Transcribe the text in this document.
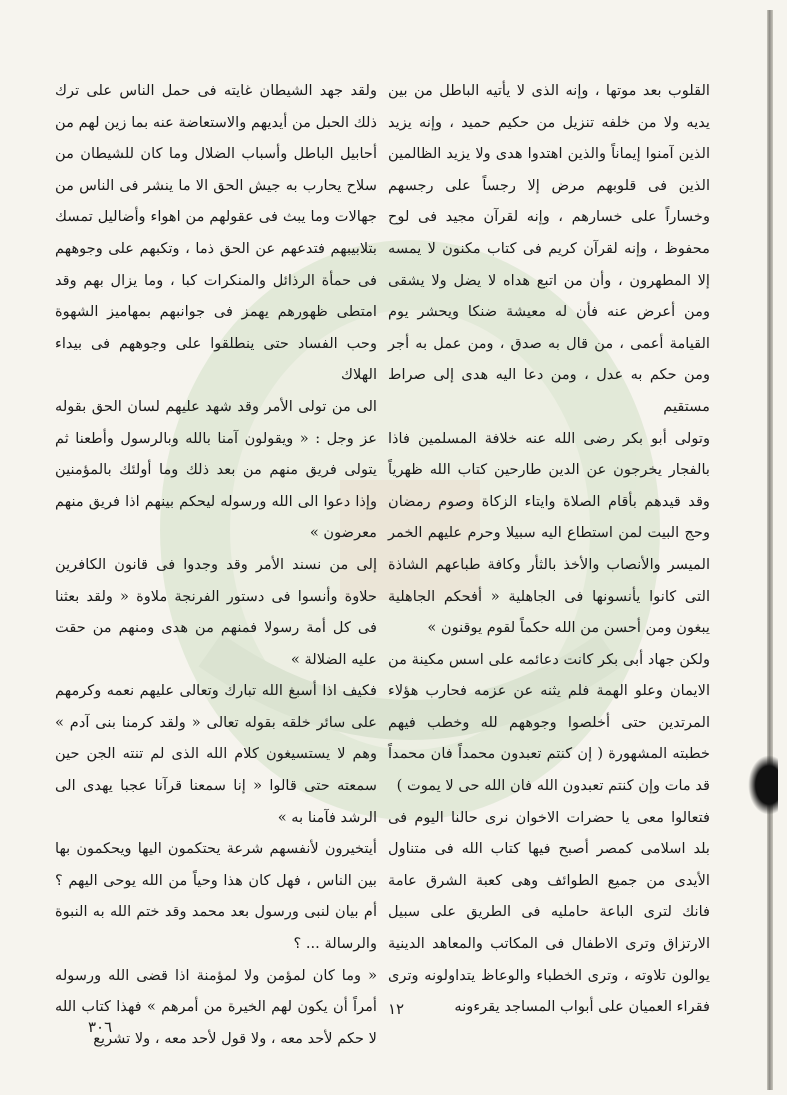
القلوب بعد موتها ، وإنه الذى لا يأتيه الباطل من بين يديه ولا من خلفه تنزيل من حكيم حميد ، وإنه يزيد الذين آمنوا إيماناً والذين اهتدوا هدى ولا يزيد الظالمين الذين فى قلوبهم مرض إلا رجساً على رجسهم وخساراً على خسارهم ، وإنه لقرآن مجيد فى لوح محفوظ ، وإنه لقرآن كريم فى كتاب مكنون لا يمسه إلا المطهرون ، وأن من اتبع هداه لا يضل ولا يشقى ومن أعرض عنه فأن له معيشة ضنكا ويحشر يوم القيامة أعمى ، من قال به صدق ، ومن عمل به أجر ومن حكم به عدل ، ومن دعا اليه هدى إلى صراط مستقيم

وتولى أبو بكر رضى الله عنه خلافة المسلمين فاذا بالفجار يخرجون عن الدين طارحين كتاب الله ظهرياً وقد قيدهم بأقام الصلاة وايتاء الزكاة وصوم رمضان وحج البيت لمن استطاع اليه سبيلا وحرم عليهم الخمر الميسر والأنصاب والأخذ بالثأر وكافة طباعهم الشاذة التى كانوا يأنسونها فى الجاهلية « أفحكم الجاهلية يبغون ومن أحسن من الله حكماً لقوم يوقنون »

ولكن جهاد أبى بكر كانت دعائمه على اسس مكينة من الايمان وعلو الهمة فلم يثنه عن عزمه فحارب هؤلاء المرتدين حتى أخلصوا وجوههم لله وخطب فيهم خطبته المشهورة ( إن كنتم تعبدون محمداً فان محمداً قد مات وإن كنتم تعبدون الله فان الله حى لا يموت )

فتعالوا معى يا حضرات الاخوان نرى حالنا اليوم فى بلد اسلامى كمصر أصبح فيها كتاب الله فى متناول الأيدى من جميع الطوائف وهى كعبة الشرق عامة فانك لترى الباعة حامليه فى الطريق على سبيل الارتزاق وترى الاطفال فى المكاتب والمعاهد الدينية يوالون تلاوته ، وترى الخطباء والوعاظ يتداولونه وترى فقراء العميان على أبواب المساجد يقرءونه

ولقد جهد الشيطان غايته فى حمل الناس على ترك ذلك الحبل من أيديهم والاستعاضة عنه بما زين لهم من أحابيل الباطل وأسباب الضلال وما كان للشيطان من سلاح يحارب به جيش الحق الا ما ينشر فى الناس من جهالات وما يبث فى عقولهم من اهواء وأضاليل تمسك بتلابيبهم فتدعهم عن الحق ذما ، وتكبهم على وجوههم فى حمأة الرذائل والمنكرات كبا ، وما يزال بهم وقد امتطى ظهورهم يهمز فى جوانبهم بمهاميز الشهوة وحب الفساد حتى ينطلقوا على وجوههم فى بيداء الهلاك

الى من تولى الأمر وقد شهد عليهم لسان الحق بقوله عز وجل : « ويقولون آمنا بالله وبالرسول وأطعنا ثم يتولى فريق منهم من بعد ذلك وما أولئك بالمؤمنين وإذا دعوا الى الله ورسوله ليحكم بينهم اذا فريق منهم معرضون »

إلى من نسند الأمر وقد وجدوا فى قانون الكافرين حلاوة وأنسوا فى دستور الفرنجة ملاوة « ولقد بعثنا فى كل أمة رسولا فمنهم من هدى ومنهم من حقت عليه الضلالة »

فكيف اذا أسبغ الله تبارك وتعالى عليهم نعمه وكرمهم على سائر خلقه بقوله تعالى « ولقد كرمنا بنى آدم » وهم لا يستسيغون كلام الله الذى لم تنته الجن حين سمعته حتى قالوا « إنا سمعنا قرآنا عجبا يهدى الى الرشد فآمنا به »

أيتخيرون لأنفسهم شرعة يحتكمون اليها ويحكمون بها بين الناس ، فهل كان هذا وحياً من الله يوحى اليهم ؟ أم بيان لنبى ورسول بعد محمد وقد ختم الله به النبوة والرسالة ... ؟

« وما كان لمؤمن ولا لمؤمنة اذا قضى الله ورسوله أمراً أن يكون لهم الخيرة من أمرهم » فهذا كتاب الله لا حكم لأحد معه ، ولا قول لأحد معه ، ولا تشريع

٣٠٦
١٢
